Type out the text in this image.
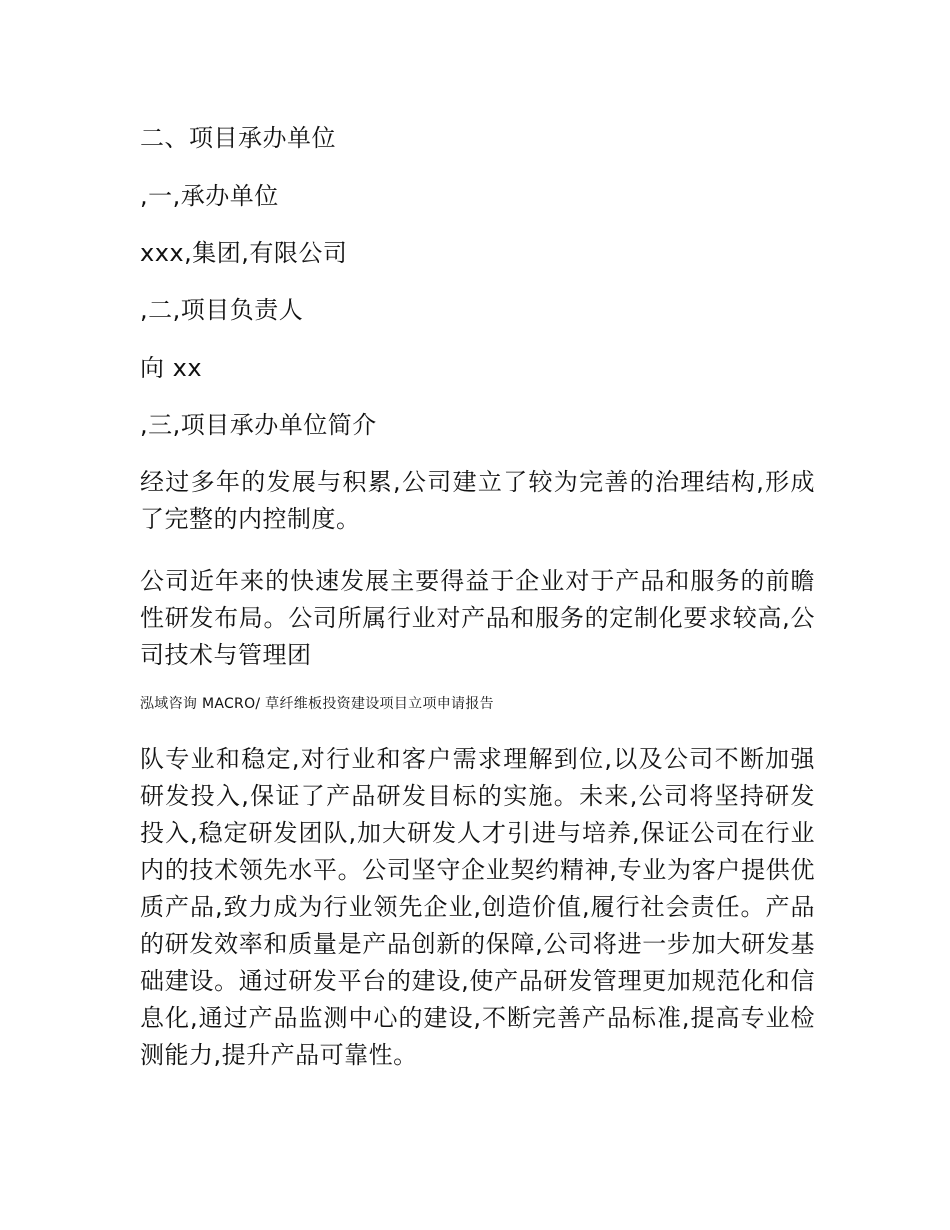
二、项目承办单位
,一,承办单位
xxx,集团,有限公司
,二,项目负责人
向 xx
,三,项目承办单位简介
经过多年的发展与积累,公司建立了较为完善的治理结构,形成了完整的内控制度。
公司近年来的快速发展主要得益于企业对于产品和服务的前瞻性研发布局。公司所属行业对产品和服务的定制化要求较高,公司技术与管理团
泓域咨询 MACRO/ 草纤维板投资建设项目立项申请报告
队专业和稳定,对行业和客户需求理解到位,以及公司不断加强研发投入,保证了产品研发目标的实施。未来,公司将坚持研发投入,稳定研发团队,加大研发人才引进与培养,保证公司在行业内的技术领先水平。公司坚守企业契约精神,专业为客户提供优质产品,致力成为行业领先企业,创造价值,履行社会责任。产品的研发效率和质量是产品创新的保障,公司将进一步加大研发基础建设。通过研发平台的建设,使产品研发管理更加规范化和信息化,通过产品监测中心的建设,不断完善产品标准,提高专业检测能力,提升产品可靠性。
